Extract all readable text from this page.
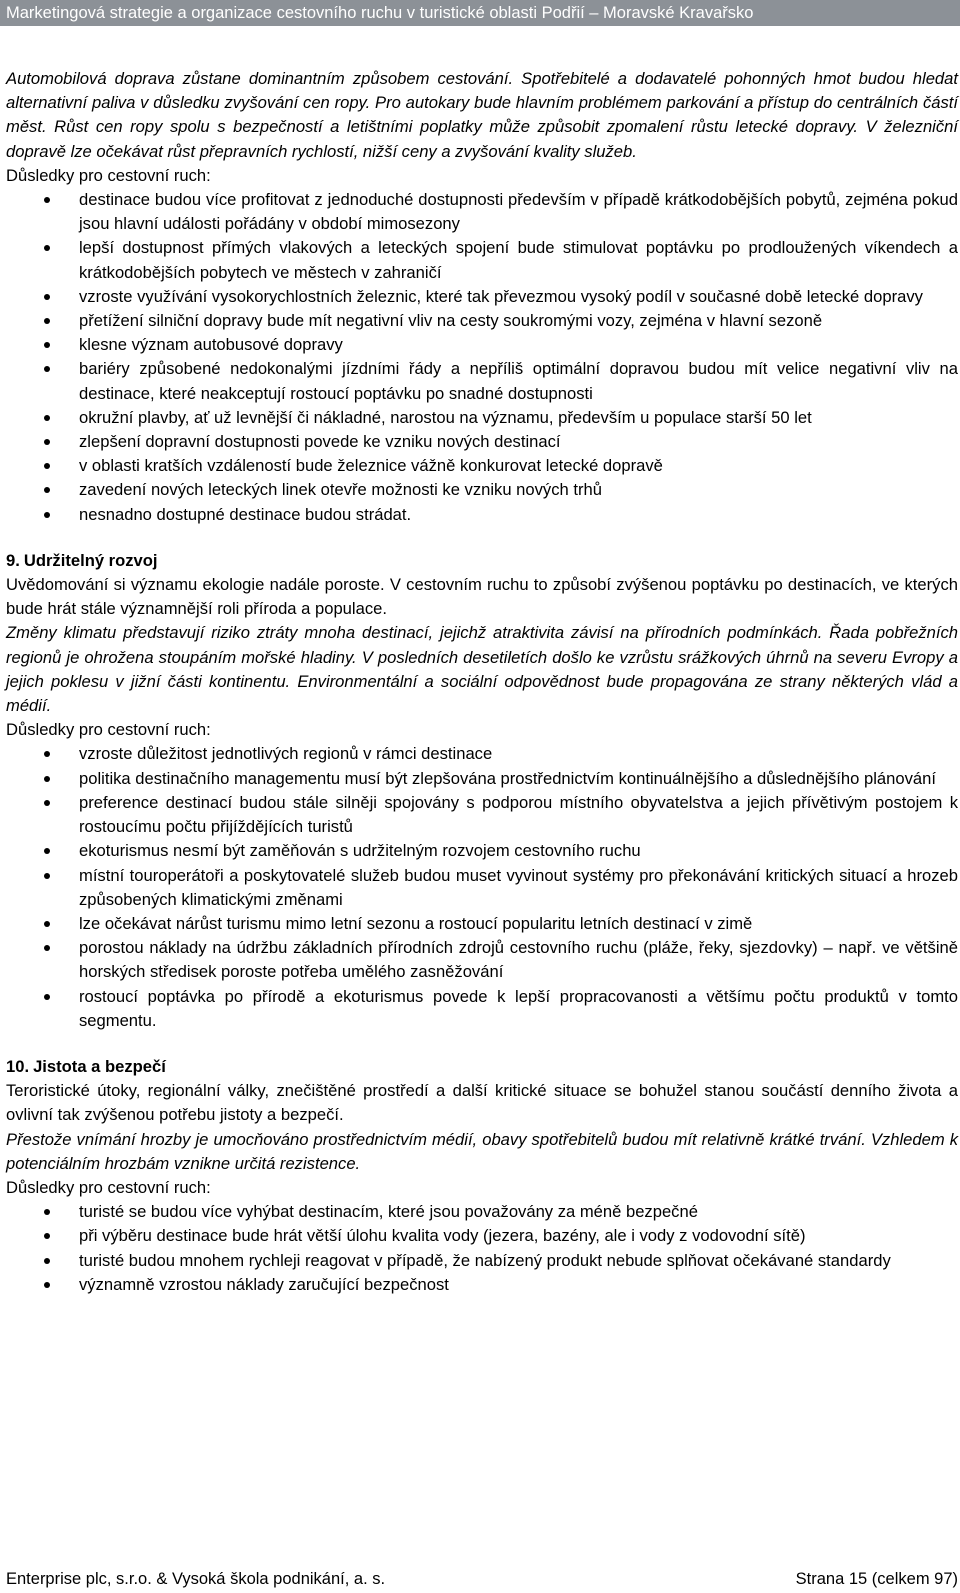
Marketingová strategie a organizace cestovního ruchu v turistické oblasti Podřií – Moravské Kravařsko

Automobilová doprava zůstane dominantním způsobem cestování. Spotřebitelé a dodavatelé pohonných hmot budou hledat alternativní paliva v důsledku zvyšování cen ropy. Pro autokary bude hlavním problémem parkování a přístup do centrálních částí měst. Růst cen ropy spolu s bezpečností a letištními poplatky může způsobit zpomalení růstu letecké dopravy. V železniční dopravě lze očekávat růst přepravních rychlostí, nižší ceny a zvyšování kvality služeb.

Důsledky pro cestovní ruch:

destinace budou více profitovat z jednoduché dostupnosti především v případě krátkodobějších pobytů, zejména pokud jsou hlavní události pořádány v období mimosezony
lepší dostupnost přímých vlakových a leteckých spojení bude stimulovat poptávku po prodloužených víkendech a krátkodobějších pobytech ve městech v zahraničí
vzroste využívání vysokorychlostních železnic, které tak převezmou vysoký podíl v současné době letecké dopravy
přetížení silniční dopravy bude mít negativní vliv na cesty soukromými vozy, zejména v hlavní sezoně
klesne význam autobusové dopravy
bariéry způsobené nedokonalými jízdními řády a nepříliš optimální dopravou budou mít velice negativní vliv na destinace, které neakceptují rostoucí poptávku po snadné dostupnosti
okružní plavby, ať už levnější či nákladné, narostou na významu, především u populace starší 50 let
zlepšení dopravní dostupnosti povede ke vzniku nových destinací
v oblasti kratších vzdáleností bude železnice vážně konkurovat letecké dopravě
zavedení nových leteckých linek otevře možnosti ke vzniku nových trhů
nesnadno dostupné destinace budou strádat.
9. Udržitelný rozvoj

Uvědomování si významu ekologie nadále poroste. V cestovním ruchu to způsobí zvýšenou poptávku po destinacích, ve kterých bude hrát stále významnější roli příroda a populace.

Změny klimatu představují riziko ztráty mnoha destinací, jejichž atraktivita závisí na přírodních podmínkách. Řada pobřežních regionů je ohrožena stoupáním mořské hladiny. V posledních desetiletích došlo ke vzrůstu srážkových úhrnů na severu Evropy a jejich poklesu v jižní části kontinentu. Environmentální a sociální odpovědnost bude propagována ze strany některých vlád a médií.

Důsledky pro cestovní ruch:

vzroste důležitost jednotlivých regionů v rámci destinace
politika destinačního managementu musí být zlepšována prostřednictvím kontinuálnějšího a důslednějšího plánování
preference destinací budou stále silněji spojovány s podporou místního obyvatelstva a jejich přívětivým postojem k rostoucímu počtu přijíždějících turistů
ekoturismus nesmí být zaměňován s udržitelným rozvojem cestovního ruchu
místní touroperátoři a poskytovatelé služeb budou muset vyvinout systémy pro překonávání kritických situací a hrozeb způsobených klimatickými změnami
lze očekávat nárůst turismu mimo letní sezonu a rostoucí popularitu letních destinací v zimě
porostou náklady na údržbu základních přírodních zdrojů cestovního ruchu (pláže, řeky, sjezdovky) – např. ve většině horských středisek poroste potřeba umělého zasněžování
rostoucí poptávka po přírodě a ekoturismus povede k lepší propracovanosti a většímu počtu produktů v tomto segmentu.
10. Jistota a bezpečí

Teroristické útoky, regionální války, znečištěné prostředí a další kritické situace se bohužel stanou součástí denního života a ovlivní tak zvýšenou potřebu jistoty a bezpečí.

Přestože vnímání hrozby je umocňováno prostřednictvím médií, obavy spotřebitelů budou mít relativně krátké trvání. Vzhledem k potenciálním hrozbám vznikne určitá rezistence.

Důsledky pro cestovní ruch:

turisté se budou více vyhýbat destinacím, které jsou považovány za méně bezpečné
při výběru destinace bude hrát větší úlohu kvalita vody (jezera, bazény, ale i vody z vodovodní sítě)
turisté budou mnohem rychleji reagovat v případě, že nabízený produkt nebude splňovat očekávané standardy
významně vzrostou náklady zaručující bezpečnost
Enterprise plc, s.r.o. & Vysoká škola podnikání, a. s.	Strana 15 (celkem 97)
